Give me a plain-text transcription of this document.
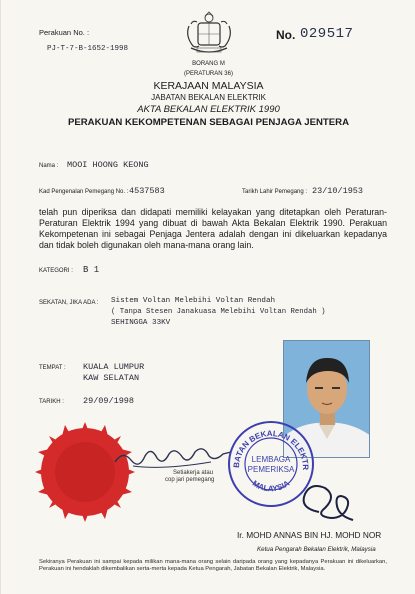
Perakuan No. :
PJ-T-7-B-1652-1998
No. 029517
BORANG M
(PERATURAN 36)
KERAJAAN MALAYSIA
JABATAN BEKALAN ELEKTRIK
AKTA BEKALAN ELEKTRIK 1990
PERAKUAN KEKOMPETENAN SEBAGAI PENJAGA JENTERA
Nama : MOOI HOONG KEONG
Kad Pengenalan Pemegang No. : 4537583	Tarikh Lahir Pemegang : 23/10/1953
telah pun diperiksa dan didapati memiliki kelayakan yang ditetapkan oleh Peraturan-Peraturan Elektrik 1994 yang dibuat di bawah Akta Bekalan Elektrik 1990. Perakuan Kekompetenan ini sebagai Penjaga Jentera adalah dengan ini dikeluarkan kepadanya dan tidak boleh digunakan oleh mana-mana orang lain.
KATEGORI : B 1
SEKATAN, JIKA ADA : Sistem Voltan Melebihi Voltan Rendah
( Tanpa Stesen Janakuasa Melebihi Voltan Rendah )
SEHINGGA 33KV
TEMPAT : KUALA LUMPUR
KAW SELATAN
TARIKH : 29/09/1998
Setiakerja atau
cop jari pemegang
BATAN BEKALAN ELEKTR
MALAYSIA
LEMBAGA
PEMERIKSA
Ir. MOHD ANNAS BIN HJ. MOHD NOR
Ketua Pengarah Bekalan Elektrik, Malaysia
Sekiranya Perakuan ini sampai kepada milikan mana-mana orang selain daripada orang yang kepadanya Perakuan ini dikeluarkan, Perakuan ini hendaklah dikembalikan serta-merta kepada Ketua Pengarah, Jabatan Bekalan Elektrik, Malaysia.
